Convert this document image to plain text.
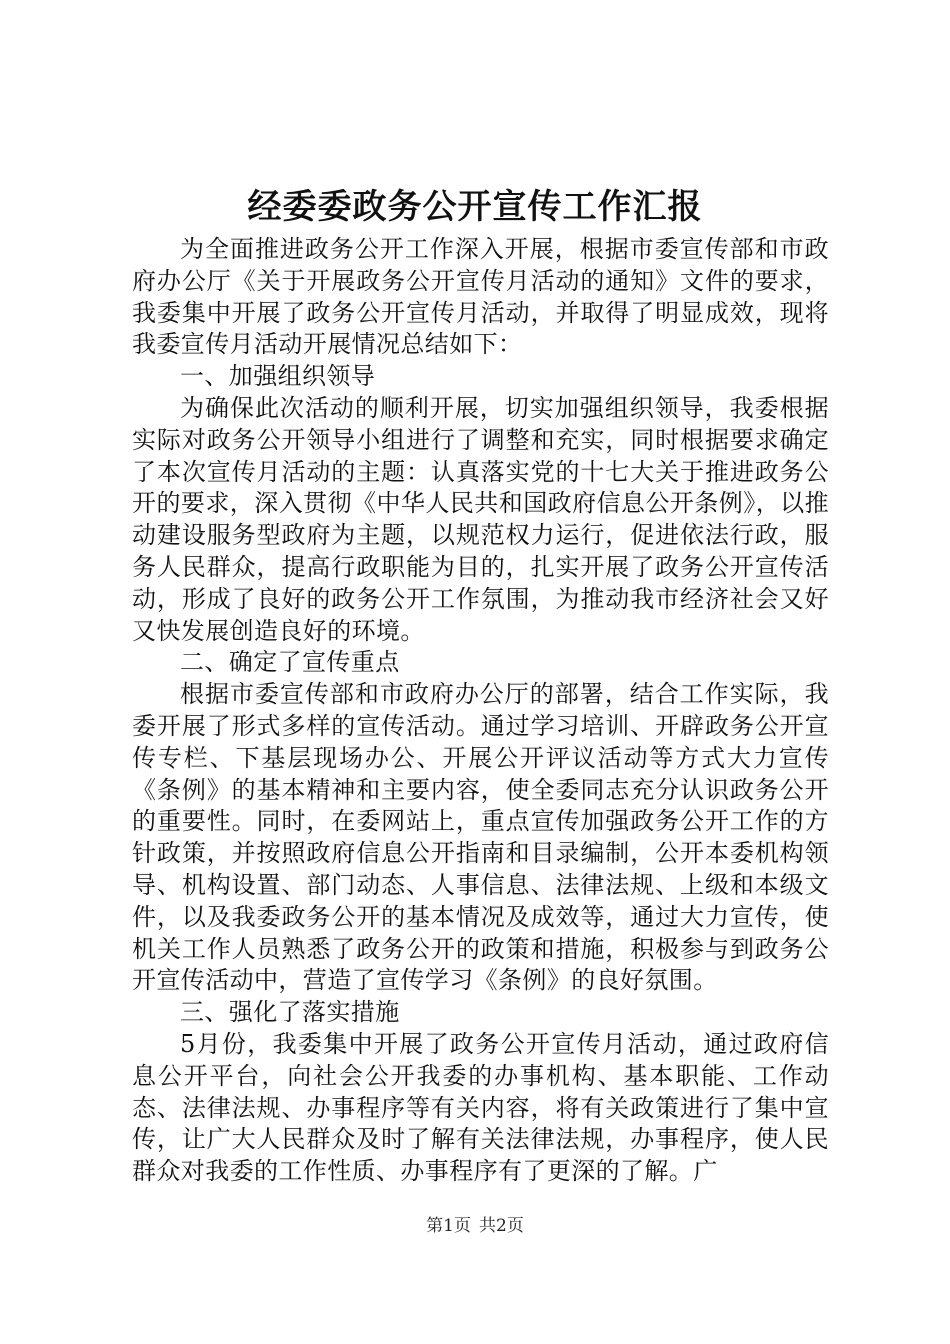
经委委政务公开宣传工作汇报

为全面推进政务公开工作深入开展，根据市委宣传部和市政府办公厅《关于开展政务公开宣传月活动的通知》文件的要求，我委集中开展了政务公开宣传月活动，并取得了明显成效，现将我委宣传月活动开展情况总结如下：

一、加强组织领导

为确保此次活动的顺利开展，切实加强组织领导，我委根据实际对政务公开领导小组进行了调整和充实，同时根据要求确定了本次宣传月活动的主题：认真落实党的十七大关于推进政务公开的要求，深入贯彻《中华人民共和国政府信息公开条例》，以推动建设服务型政府为主题，以规范权力运行，促进依法行政，服务人民群众，提高行政职能为目的，扎实开展了政务公开宣传活动，形成了良好的政务公开工作氛围，为推动我市经济社会又好又快发展创造良好的环境。

二、确定了宣传重点

根据市委宣传部和市政府办公厅的部署，结合工作实际，我委开展了形式多样的宣传活动。通过学习培训、开辟政务公开宣传专栏、下基层现场办公、开展公开评议活动等方式大力宣传《条例》的基本精神和主要内容，使全委同志充分认识政务公开的重要性。同时，在委网站上，重点宣传加强政务公开工作的方针政策，并按照政府信息公开指南和目录编制，公开本委机构领导、机构设置、部门动态、人事信息、法律法规、上级和本级文件，以及我委政务公开的基本情况及成效等，通过大力宣传，使机关工作人员熟悉了政务公开的政策和措施，积极参与到政务公开宣传活动中，营造了宣传学习《条例》的良好氛围。

三、强化了落实措施

5月份，我委集中开展了政务公开宣传月活动，通过政府信息公开平台，向社会公开我委的办事机构、基本职能、工作动态、法律法规、办事程序等有关内容，将有关政策进行了集中宣传，让广大人民群众及时了解有关法律法规，办事程序，使人民群众对我委的工作性质、办事程序有了更深的了解。广

第1页 共2页
